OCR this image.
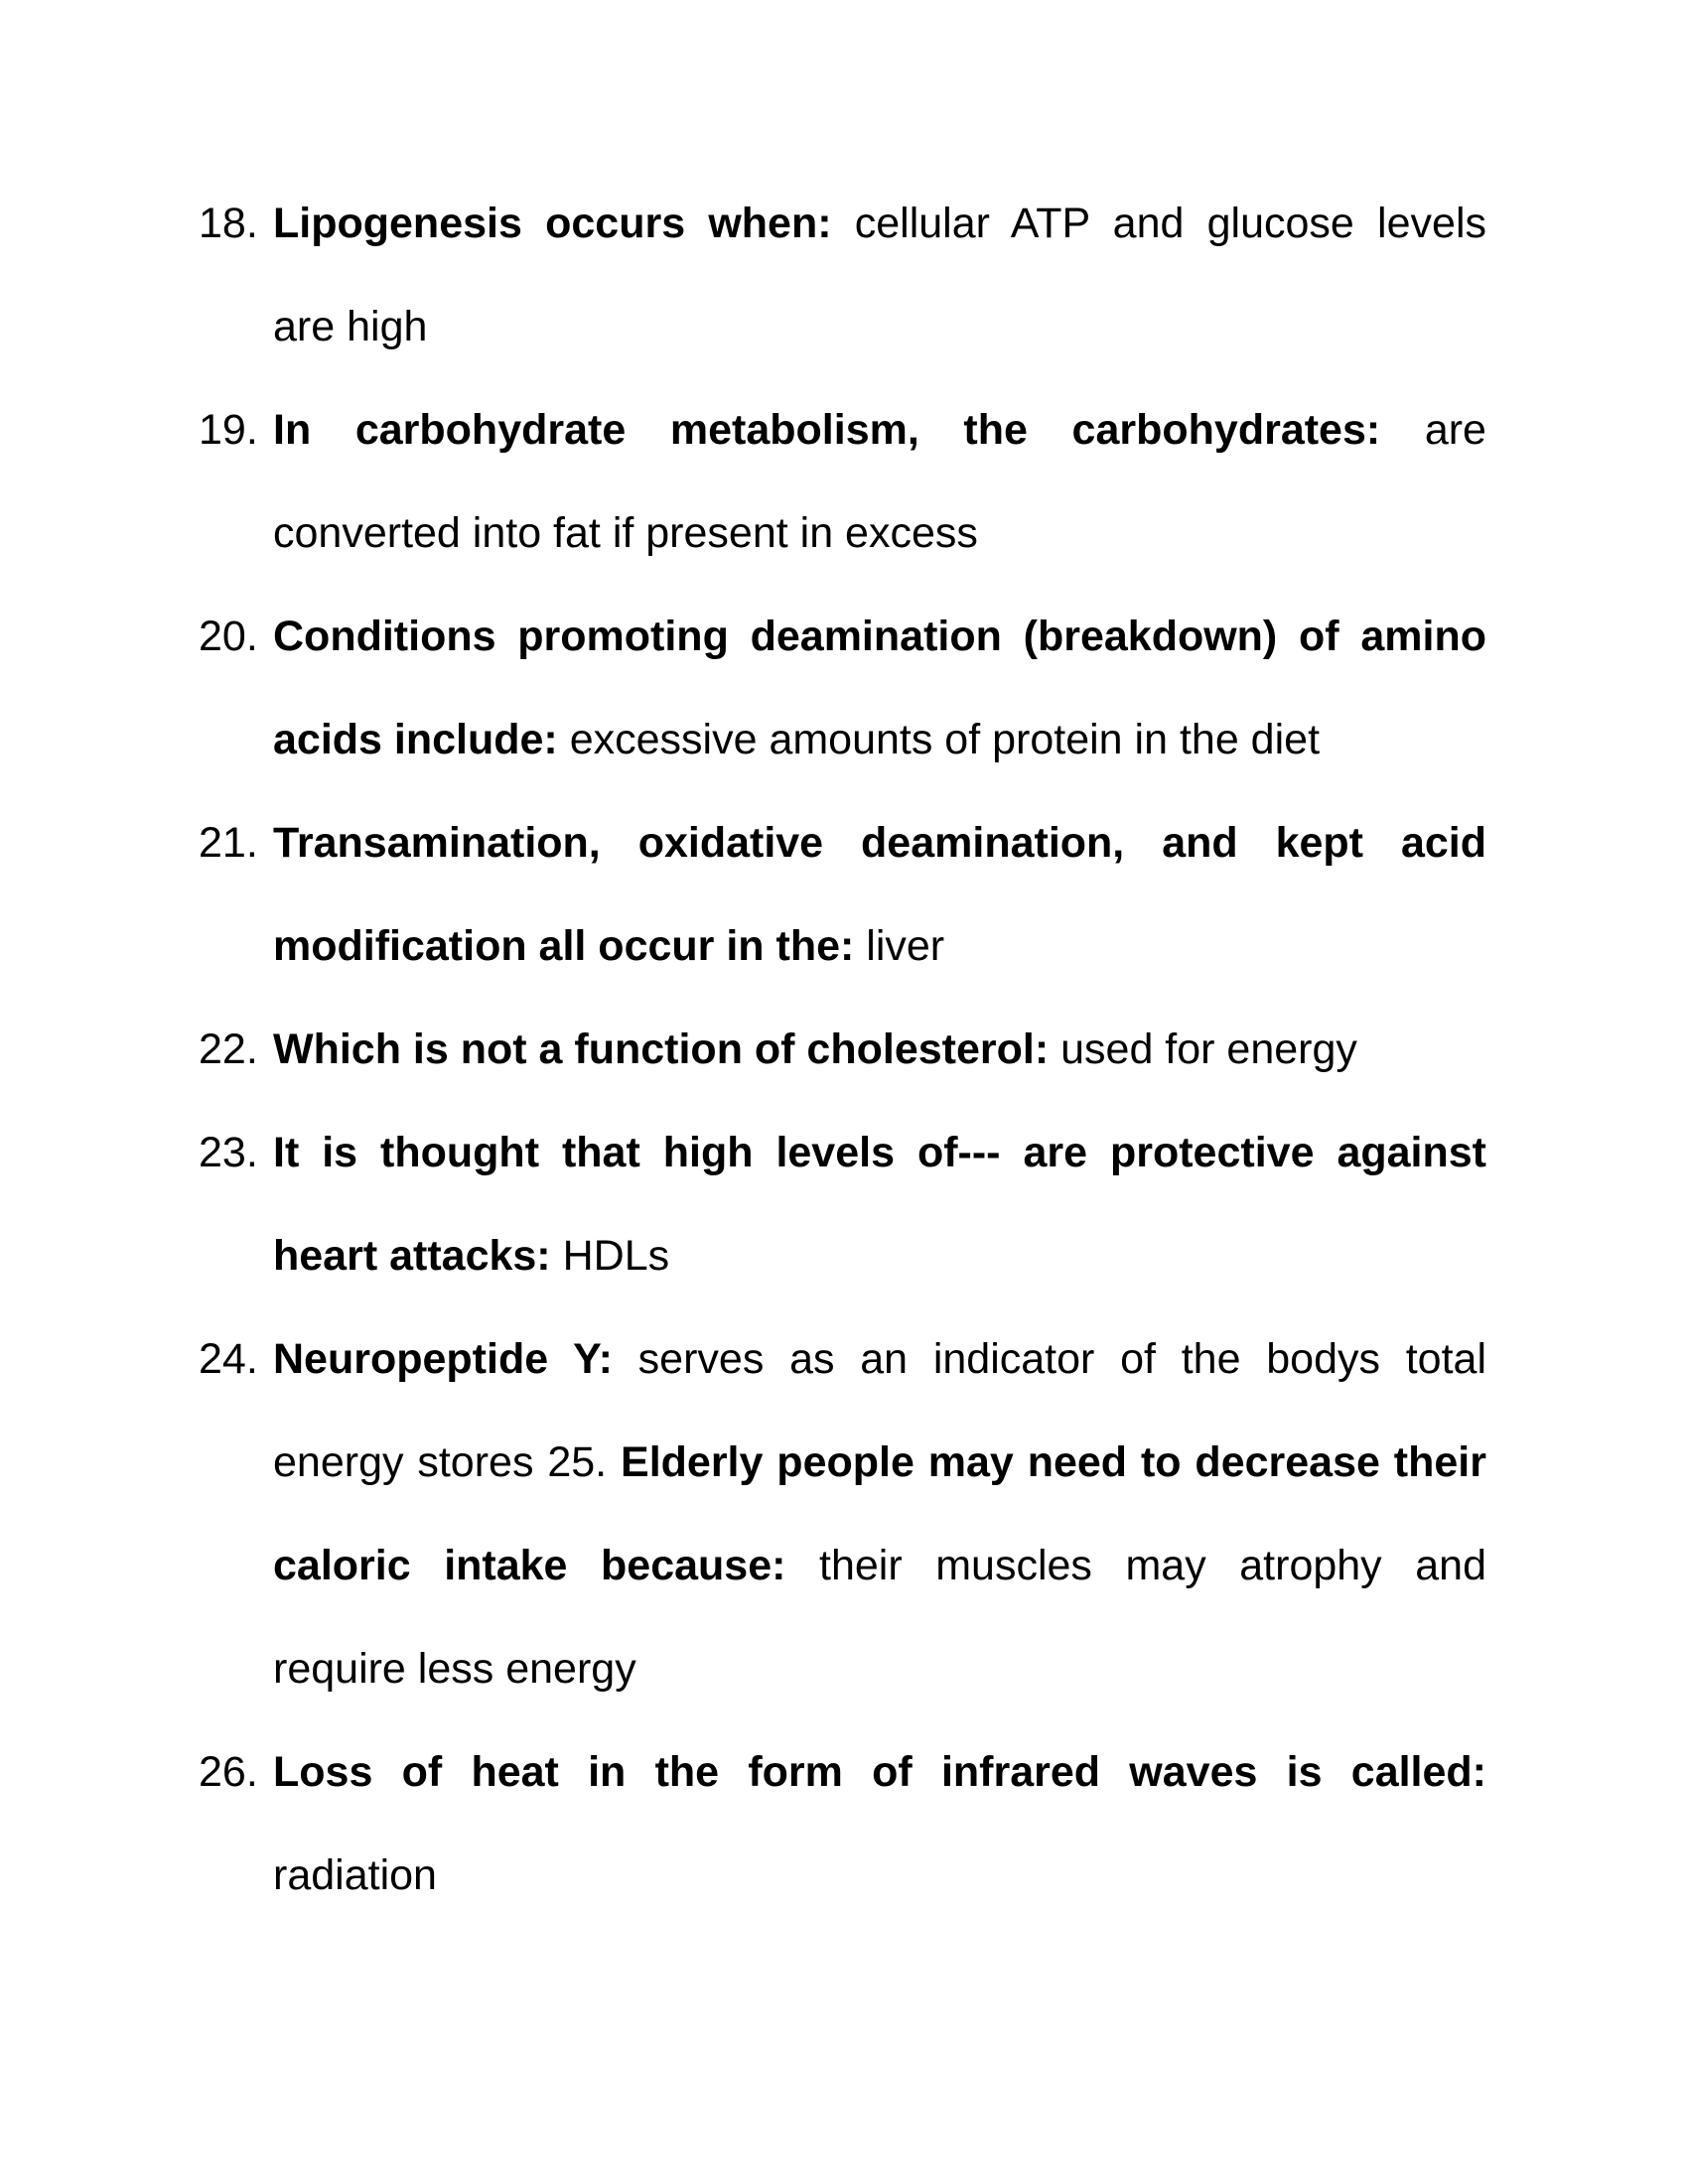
18. Lipogenesis occurs when: cellular ATP and glucose levels
are high
19. In carbohydrate metabolism, the carbohydrates: are
converted into fat if present in excess
20. Conditions promoting deamination (breakdown) of amino
acids include: excessive amounts of protein in the diet
21. Transamination, oxidative deamination, and kept acid
modification all occur in the: liver
22. Which is not a function of cholesterol: used for energy
23. It is thought that high levels of--- are protective against
heart attacks: HDLs
24. Neuropeptide Y: serves as an indicator of the bodys total
energy stores 25. Elderly people may need to decrease their
caloric intake because: their muscles may atrophy and
require less energy
26. Loss of heat in the form of infrared waves is called:
radiation
